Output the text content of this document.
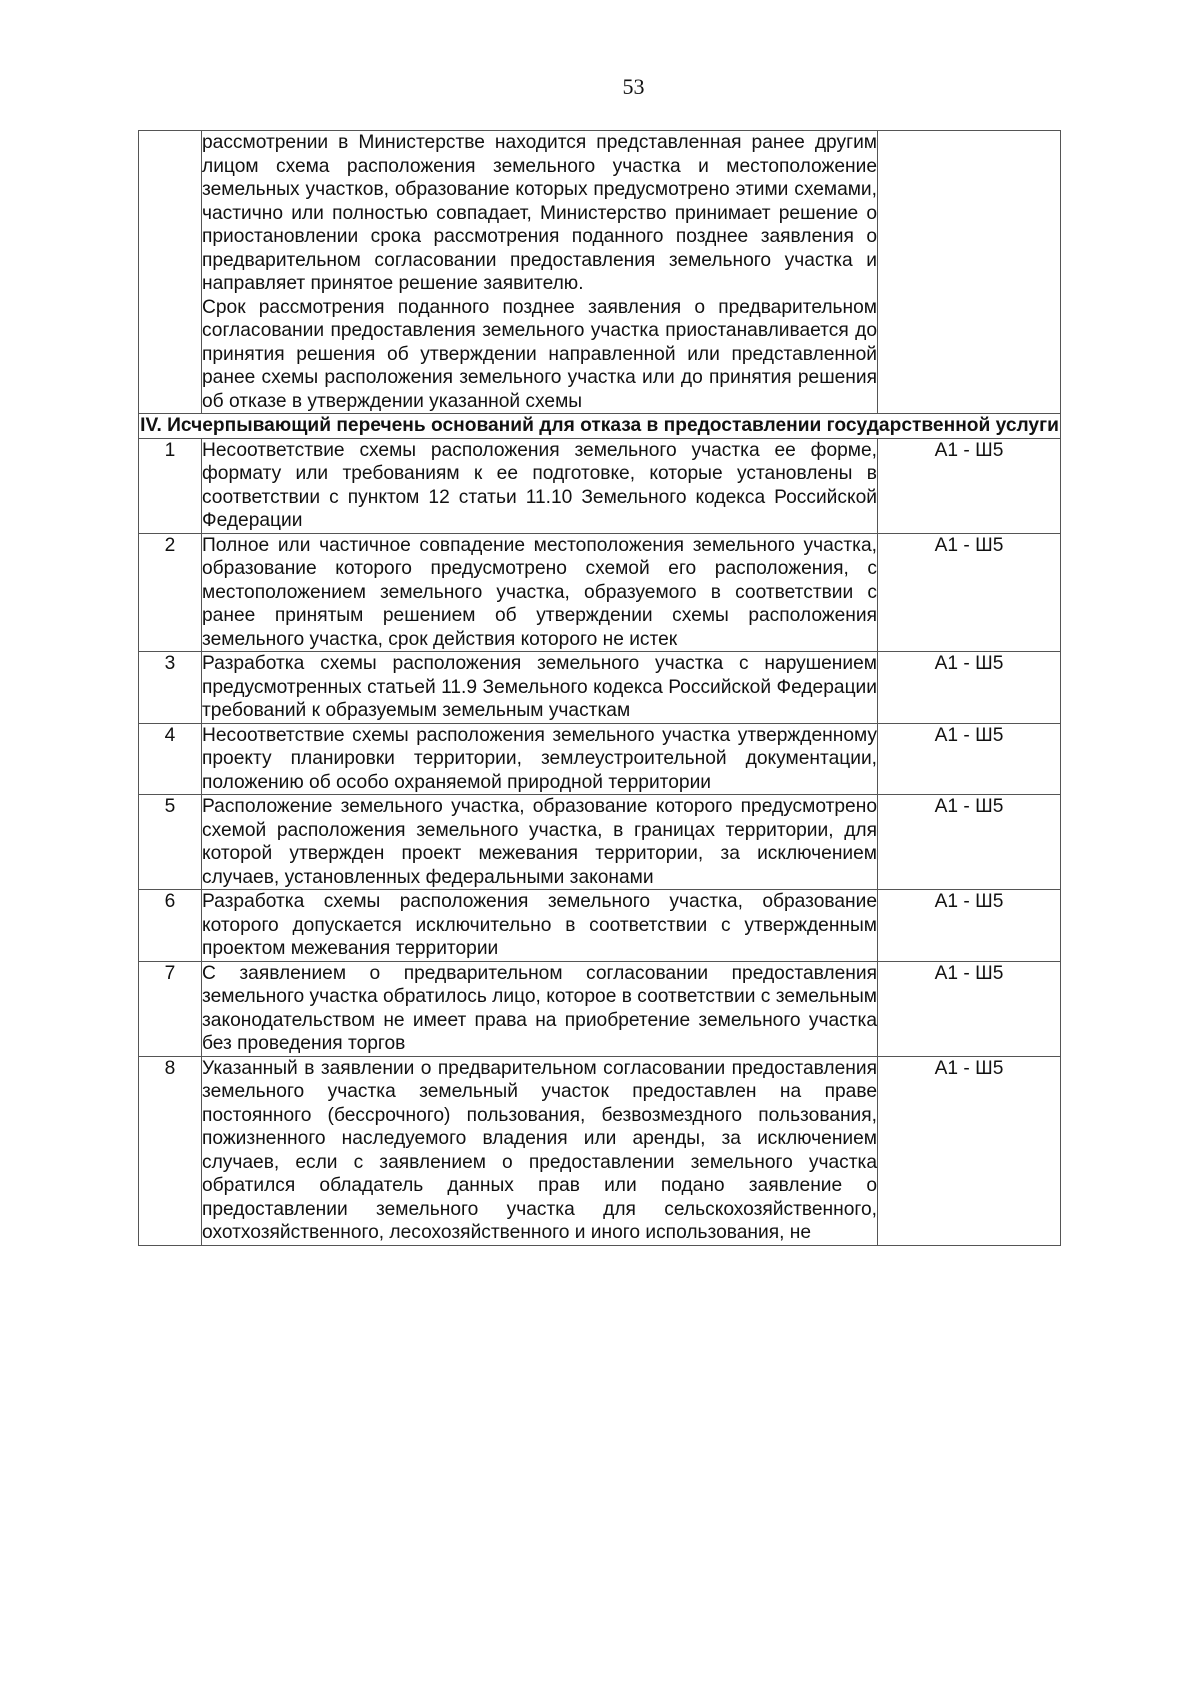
53

	рассмотрении в Министерстве находится представленная ранее другим лицом схема расположения земельного участка и местоположение земельных участков, образование которых предусмотрено этими схемами, частично или полностью совпадает, Министерство принимает решение о приостановлении срока рассмотрения поданного позднее заявления о предварительном согласовании предоставления земельного участка и направляет принятое решение заявителю.
Срок рассмотрения поданного позднее заявления о предварительном согласовании предоставления земельного участка приостанавливается до принятия решения об утверждении направленной или представленной ранее схемы расположения земельного участка или до принятия решения об отказе в утверждении указанной схемы	

IV. Исчерпывающий перечень оснований для отказа в предоставлении государственной услуги		
1	Несоответствие схемы расположения земельного участка ее форме, формату или требованиям к ее подготовке, которые установлены в соответствии с пунктом 12 статьи 11.10 Земельного кодекса Российской Федерации	А1 - Ш5
2	Полное или частичное совпадение местоположения земельного участка, образование которого предусмотрено схемой его расположения, с местоположением земельного участка, образуемого в соответствии с ранее принятым решением об утверждении схемы расположения земельного участка, срок действия которого не истек	А1 - Ш5
3	Разработка схемы расположения земельного участка с нарушением предусмотренных статьей 11.9 Земельного кодекса Российской Федерации требований к образуемым земельным участкам	А1 - Ш5
4	Несоответствие схемы расположения земельного участка утвержденному проекту планировки территории, землеустроительной документации, положению об особо охраняемой природной территории	А1 - Ш5
5	Расположение земельного участка, образование которого предусмотрено схемой расположения земельного участка, в границах территории, для которой утвержден проект межевания территории, за исключением случаев, установленных федеральными законами	А1 - Ш5
6	Разработка схемы расположения земельного участка, образование которого допускается исключительно в соответствии с утвержденным проектом межевания территории	А1 - Ш5
7	С заявлением о предварительном согласовании предоставления земельного участка обратилось лицо, которое в соответствии с земельным законодательством не имеет права на приобретение земельного участка без проведения торгов	А1 - Ш5
8	Указанный в заявлении о предварительном согласовании предоставления земельного участка земельный участок предоставлен на праве постоянного (бессрочного) пользования, безвозмездного пользования, пожизненного наследуемого владения или аренды, за исключением случаев, если с заявлением о предоставлении земельного участка обратился обладатель данных прав или подано заявление о предоставлении земельного участка для сельскохозяйственного, охотхозяйственного, лесохозяйственного и иного использования, не	А1 - Ш5
